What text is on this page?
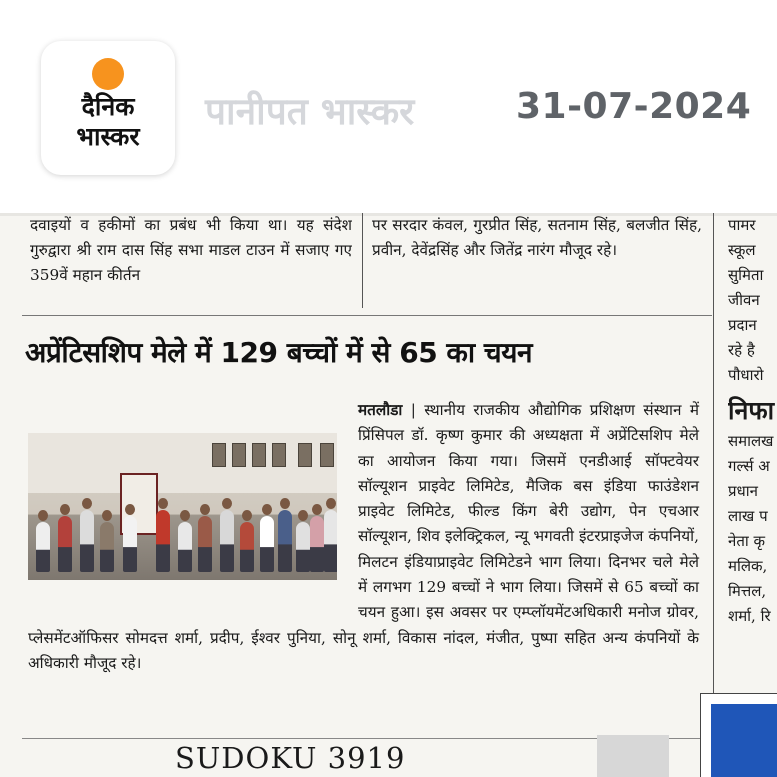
दैनिक
भास्कर
पानीपत भास्कर	31-07-2024
दवाइयों व हकीमों का प्रबंध भी किया था। यह संदेश गुरुद्वारा श्री राम दास सिंह सभा माडल टाउन में सजाए गए 359वें महान कीर्तन
पर सरदार कंवल, गुरप्रीत सिंह, सतनाम सिंह, बलजीत सिंह, प्रवीन, देवेंद्रसिंह और जितेंद्र नारंग मौजूद रहे।

पामर

स्कूल

सुमिता

जीवन

प्रदान

रहे है

पौधारो

निफा

समालख

गर्ल्स अ

प्रधान

लाख प

नेता कृ

मलिक,

मित्तल,

शर्मा, रि

अप्रेंटिसशिप मेले में 129 बच्चों में से 65 का चयन
मतलौडा | स्थानीय राजकीय औद्योगिक प्रशिक्षण संस्थान में प्रिंसिपल डॉ. कृष्ण कुमार की अध्यक्षता में अप्रेंटिसशिप मेले का आयोजन किया गया। जिसमें एनडीआई सॉफ्टवेयर सॉल्यूशन प्राइवेट लिमिटेड, मैजिक बस इंडिया फाउंडेशन प्राइवेट लिमिटेड, फील्ड किंग बेरी उद्योग, पेन एचआर सॉल्यूशन, शिव इलेक्ट्रिकल, न्यू भगवती इंटरप्राइजेज कंपनियों, मिलटन इंडियाप्राइवेट लिमिटेडने भाग लिया। दिनभर चले मेले में लगभग 129 बच्चों ने भाग लिया। जिसमें से 65 बच्चों का चयन हुआ। इस अवसर पर एम्प्लॉयमेंटअधिकारी मनोज ग्रोवर, प्लेसमेंटऑफिसर सोमदत्त शर्मा, प्रदीप, ईश्वर पुनिया, सोनू शर्मा, विकास नांदल, मंजीत, पुष्पा सहित अन्य कंपनियों के अधिकारी मौजूद रहे।
SUDOKU 3919
